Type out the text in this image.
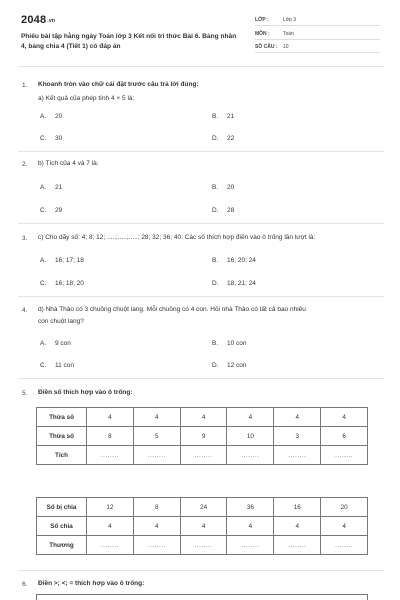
2048.vn
Phiếu bài tập hằng ngày Toán lớp 3 Kết nối tri thức Bài 6. Bảng nhân 4, bảng chia 4 (Tiết 1) có đáp án
LỚP :	Lớp 3
MÔN :	Toán
SỐ CÂU : 10
1. Khoanh tròn vào chữ cái đặt trước câu trả lời đúng:
a) Kết quả của phép tính 4 × 5 là:
A. 20	B. 21
C. 30	D. 22
2. b) Tích của 4 và 7 là:
A. 21	B. 20
C. 29	D. 28
3. c) Cho dãy số: 4; 8; 12; .....;.....;.....; 28; 32; 36; 40. Các số thích hợp điền vào ô trống lần lượt là:
A. 16; 17; 18	B. 16; 20; 24
C. 16; 18; 20	D. 18; 21; 24
4. d) Nhà Thảo có 3 chuồng chuột lang. Mỗi chuồng có 4 con. Hỏi nhà Thảo có tất cả bao nhiêu
con chuột lang?
A. 9 con	B. 10 con
C. 11 con	D. 12 con
5. Điền số thích hợp vào ô trống:
Thừa số	4	4	4	4	4	4
Thừa số	8	5	9	10	3	6
Tích	........	........	........	........	........	........
Số bị chia	12	8	24	36	16	20
Số chia	4	4	4	4	4	4
Thương	........	........	........	........	........	........
6. Điền >; <; = thích hợp vào ô trống:
